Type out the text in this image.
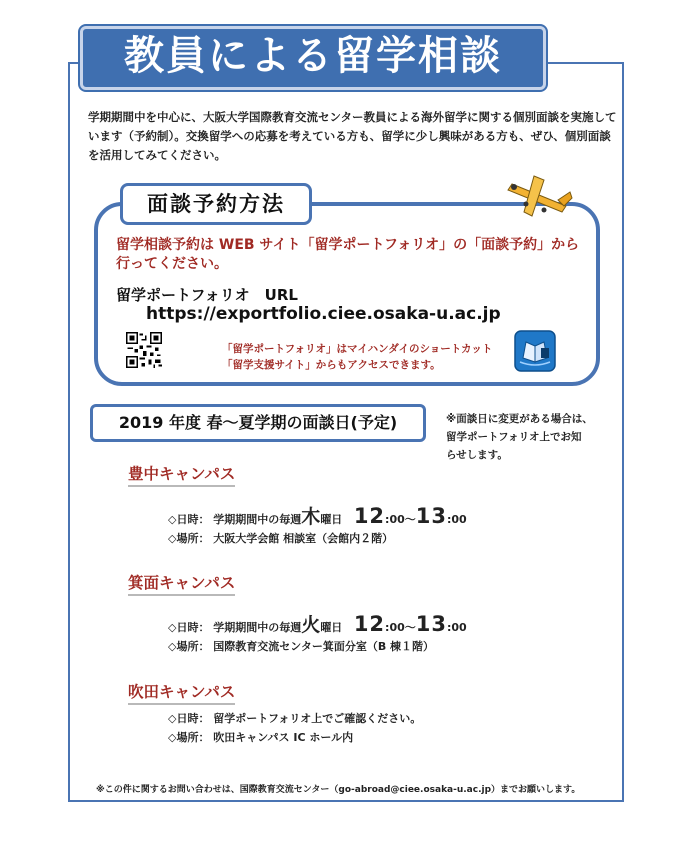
教員による留学相談
学期期間中を中心に、大阪大学国際教育交流センター教員による海外留学に関する個別面談を実施しています（予約制）。交換留学への応募を考えている方も、留学に少し興味がある方も、ぜひ、個別面談を活用してみてください。
面談予約方法
留学相談予約は WEB サイト「留学ポートフォリオ」の「面談予約」から
行ってください。
留学ポートフォリオ　URL
https://exportfolio.ciee.osaka-u.ac.jp
「留学ポートフォリオ」はマイハンダイのショートカット
「留学支援サイト」からもアクセスできます。
2019 年度 春～夏学期の面談日(予定)	※面談日に変更がある場合は、
留学ポートフォリオ上でお知
らせします。
豊中キャンパス
◇日時： 学期期間中の毎週木曜日 12:00～13:00
◇場所： 大阪大学会館 相談室（会館内２階）
箕面キャンパス
◇日時： 学期期間中の毎週火曜日 12:00～13:00
◇場所： 国際教育交流センター箕面分室（B 棟１階）
吹田キャンパス
◇日時： 留学ポートフォリオ上でご確認ください。
◇場所： 吹田キャンパス IC ホール内
※この件に関するお問い合わせは、国際教育交流センター（go-abroad@ciee.osaka-u.ac.jp）までお願いします。
